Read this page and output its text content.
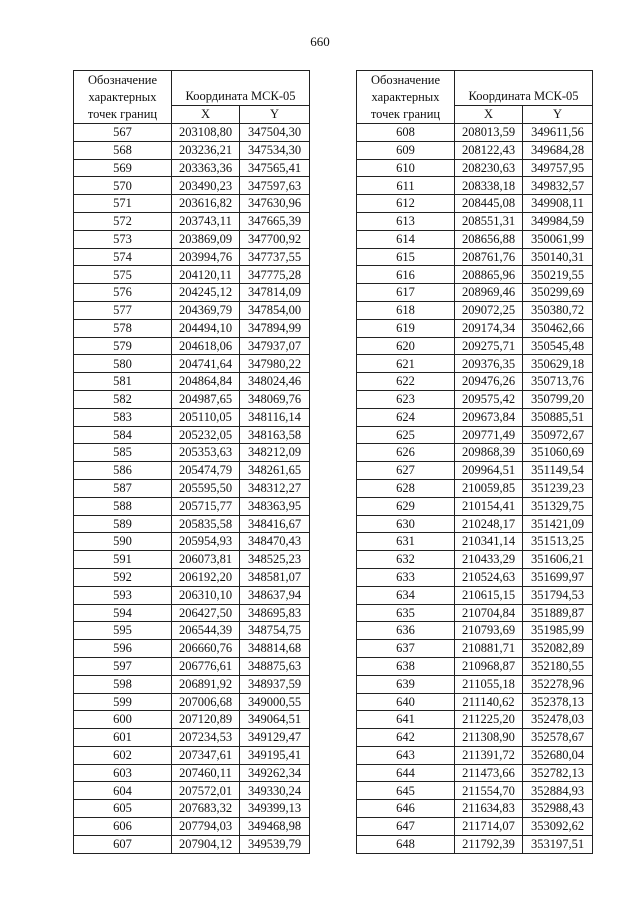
660
Обозначение характерных точек границ	Координата МСК-05	
	X	Y
567	203108,80	347504,30
568	203236,21	347534,30
569	203363,36	347565,41
570	203490,23	347597,63
571	203616,82	347630,96
572	203743,11	347665,39
573	203869,09	347700,92
574	203994,76	347737,55
575	204120,11	347775,28
576	204245,12	347814,09
577	204369,79	347854,00
578	204494,10	347894,99
579	204618,06	347937,07
580	204741,64	347980,22
581	204864,84	348024,46
582	204987,65	348069,76
583	205110,05	348116,14
584	205232,05	348163,58
585	205353,63	348212,09
586	205474,79	348261,65
587	205595,50	348312,27
588	205715,77	348363,95
589	205835,58	348416,67
590	205954,93	348470,43
591	206073,81	348525,23
592	206192,20	348581,07
593	206310,10	348637,94
594	206427,50	348695,83
595	206544,39	348754,75
596	206660,76	348814,68
597	206776,61	348875,63
598	206891,92	348937,59
599	207006,68	349000,55
600	207120,89	349064,51
601	207234,53	349129,47
602	207347,61	349195,41
603	207460,11	349262,34
604	207572,01	349330,24
605	207683,32	349399,13
606	207794,03	349468,98
607	207904,12	349539,79
Обозначение характерных точек границ	Координата МСК-05	
	X	Y
608	208013,59	349611,56
609	208122,43	349684,28
610	208230,63	349757,95
611	208338,18	349832,57
612	208445,08	349908,11
613	208551,31	349984,59
614	208656,88	350061,99
615	208761,76	350140,31
616	208865,96	350219,55
617	208969,46	350299,69
618	209072,25	350380,72
619	209174,34	350462,66
620	209275,71	350545,48
621	209376,35	350629,18
622	209476,26	350713,76
623	209575,42	350799,20
624	209673,84	350885,51
625	209771,49	350972,67
626	209868,39	351060,69
627	209964,51	351149,54
628	210059,85	351239,23
629	210154,41	351329,75
630	210248,17	351421,09
631	210341,14	351513,25
632	210433,29	351606,21
633	210524,63	351699,97
634	210615,15	351794,53
635	210704,84	351889,87
636	210793,69	351985,99
637	210881,71	352082,89
638	210968,87	352180,55
639	211055,18	352278,96
640	211140,62	352378,13
641	211225,20	352478,03
642	211308,90	352578,67
643	211391,72	352680,04
644	211473,66	352782,13
645	211554,70	352884,93
646	211634,83	352988,43
647	211714,07	353092,62
648	211792,39	353197,51
